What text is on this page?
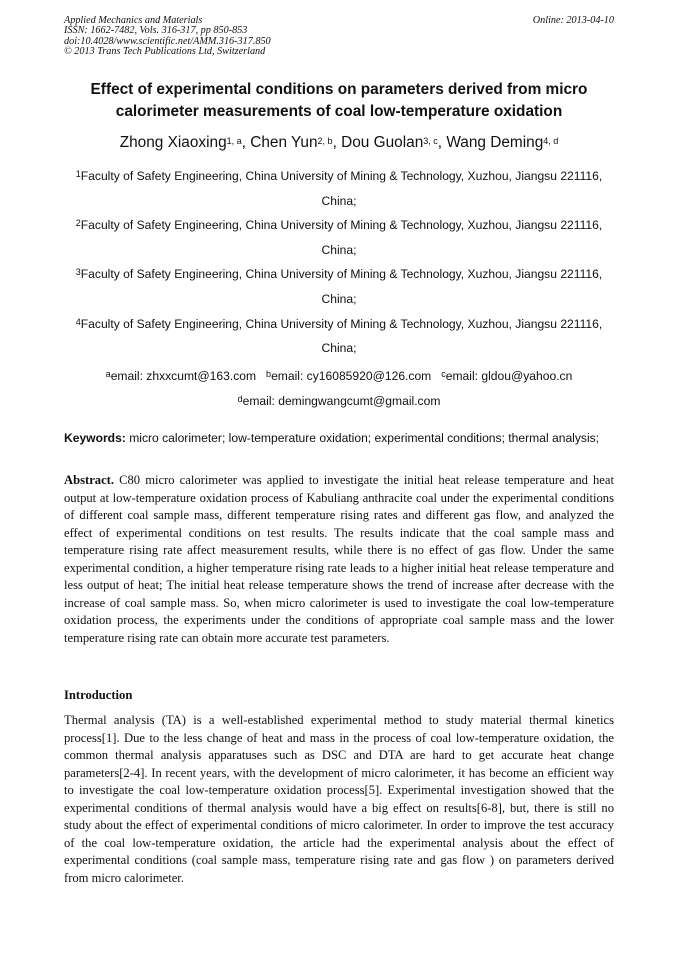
Applied Mechanics and Materials
ISSN: 1662-7482, Vols. 316-317, pp 850-853
doi:10.4028/www.scientific.net/AMM.316-317.850
© 2013 Trans Tech Publications Ltd, Switzerland
Online: 2013-04-10
Effect of experimental conditions on parameters derived from micro calorimeter measurements of coal low-temperature oxidation
Zhong Xiaoxing$^{1, a}$, Chen Yun$^{2, b}$, Dou Guolan$^{3, c}$, Wang Deming$^{4, d}$
$^1$Faculty of Safety Engineering, China University of Mining & Technology, Xuzhou, Jiangsu 221116, China;
$^2$Faculty of Safety Engineering, China University of Mining & Technology, Xuzhou, Jiangsu 221116, China;
$^3$Faculty of Safety Engineering, China University of Mining & Technology, Xuzhou, Jiangsu 221116, China;
$^4$Faculty of Safety Engineering, China University of Mining & Technology, Xuzhou, Jiangsu 221116, China;
$^a$email: zhxxcumt@163.com $^b$email: cy16085920@126.com $^c$email: gldou@yahoo.cn
$^d$email: demingwangcumt@gmail.com
Keywords: micro calorimeter; low-temperature oxidation; experimental conditions; thermal analysis;
Abstract. C80 micro calorimeter was applied to investigate the initial heat release temperature and heat output at low-temperature oxidation process of Kabuliang anthracite coal under the experimental conditions of different coal sample mass, different temperature rising rates and different gas flow, and analyzed the effect of experimental conditions on test results. The results indicate that the coal sample mass and temperature rising rate affect measurement results, while there is no effect of gas flow. Under the same experimental condition, a higher temperature rising rate leads to a higher initial heat release temperature and less output of heat; The initial heat release temperature shows the trend of increase after decrease with the increase of coal sample mass. So, when micro calorimeter is used to investigate the coal low-temperature oxidation process, the experiments under the conditions of appropriate coal sample mass and the lower temperature rising rate can obtain more accurate test parameters.
Introduction
Thermal analysis (TA) is a well-established experimental method to study material thermal kinetics process[1]. Due to the less change of heat and mass in the process of coal low-temperature oxidation, the common thermal analysis apparatuses such as DSC and DTA are hard to get accurate heat change parameters[2-4]. In recent years, with the development of micro calorimeter, it has become an efficient way to investigate the coal low-temperature oxidation process[5]. Experimental investigation showed that the experimental conditions of thermal analysis would have a big effect on results[6-8], but, there is still no study about the effect of experimental conditions of micro calorimeter. In order to improve the test accuracy of the coal low-temperature oxidation, the article had the experimental analysis about the effect of experimental conditions (coal sample mass, temperature rising rate and gas flow ) on parameters derived from micro calorimeter.
